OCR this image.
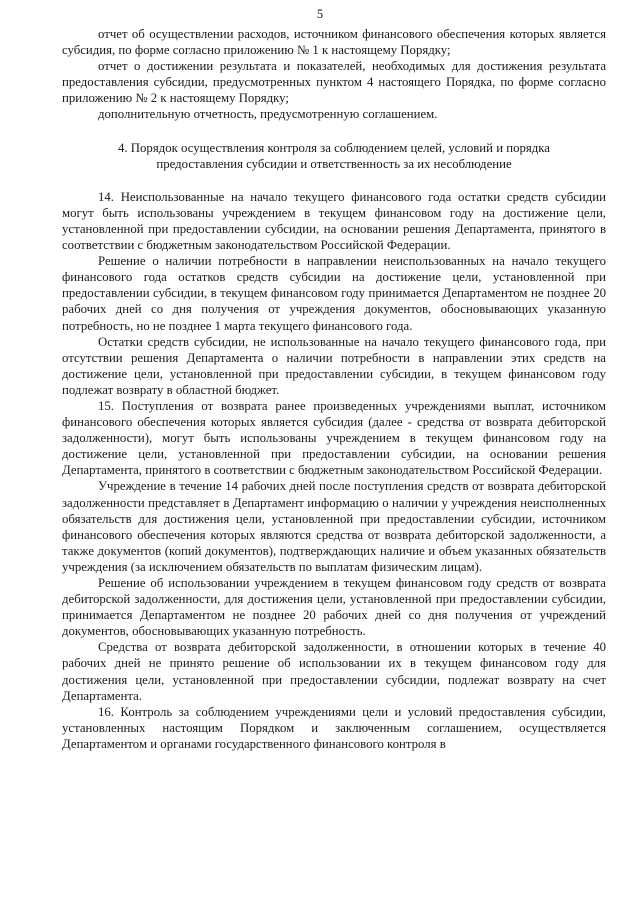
5

отчет об осуществлении расходов, источником финансового обеспечения которых является субсидия, по форме согласно приложению № 1 к настоящему Порядку;

отчет о достижении результата и показателей, необходимых для достижения результата предоставления субсидии, предусмотренных пунктом 4 настоящего Порядка, по форме согласно приложению № 2 к настоящему Порядку;

дополнительную отчетность, предусмотренную соглашением.

4. Порядок осуществления контроля за соблюдением целей, условий и порядка предоставления субсидии и ответственность за их несоблюдение

14. Неиспользованные на начало текущего финансового года остатки средств субсидии могут быть использованы учреждением в текущем финансовом году на достижение цели, установленной при предоставлении субсидии, на основании решения Департамента, принятого в соответствии с бюджетным законодательством Российской Федерации.

Решение о наличии потребности в направлении неиспользованных на начало текущего финансового года остатков средств субсидии на достижение цели, установленной при предоставлении субсидии, в текущем финансовом году принимается Департаментом не позднее 20 рабочих дней со дня получения от учреждения документов, обосновывающих указанную потребность, но не позднее 1 марта текущего финансового года.

Остатки средств субсидии, не использованные на начало текущего финансового года, при отсутствии решения Департамента о наличии потребности в направлении этих средств на достижение цели, установленной при предоставлении субсидии, в текущем финансовом году подлежат возврату в областной бюджет.

15. Поступления от возврата ранее произведенных учреждениями выплат, источником финансового обеспечения которых является субсидия (далее - средства от возврата дебиторской задолженности), могут быть использованы учреждением в текущем финансовом году на достижение цели, установленной при предоставлении субсидии, на основании решения Департамента, принятого в соответствии с бюджетным законодательством Российской Федерации.

Учреждение в течение 14 рабочих дней после поступления средств от возврата дебиторской задолженности представляет в Департамент информацию о наличии у учреждения неисполненных обязательств для достижения цели, установленной при предоставлении субсидии, источником финансового обеспечения которых являются средства от возврата дебиторской задолженности, а также документов (копий документов), подтверждающих наличие и объем указанных обязательств учреждения (за исключением обязательств по выплатам физическим лицам).

Решение об использовании учреждением в текущем финансовом году средств от возврата дебиторской задолженности, для достижения цели, установленной при предоставлении субсидии, принимается Департаментом не позднее 20 рабочих дней со дня получения от учреждений документов, обосновывающих указанную потребность.

Средства от возврата дебиторской задолженности, в отношении которых в течение 40 рабочих дней не принято решение об использовании их в текущем финансовом году для достижения цели, установленной при предоставлении субсидии, подлежат возврату на счет Департамента.

16. Контроль за соблюдением учреждениями цели и условий предоставления субсидии, установленных настоящим Порядком и заключенным соглашением, осуществляется Департаментом и органами государственного финансового контроля в
